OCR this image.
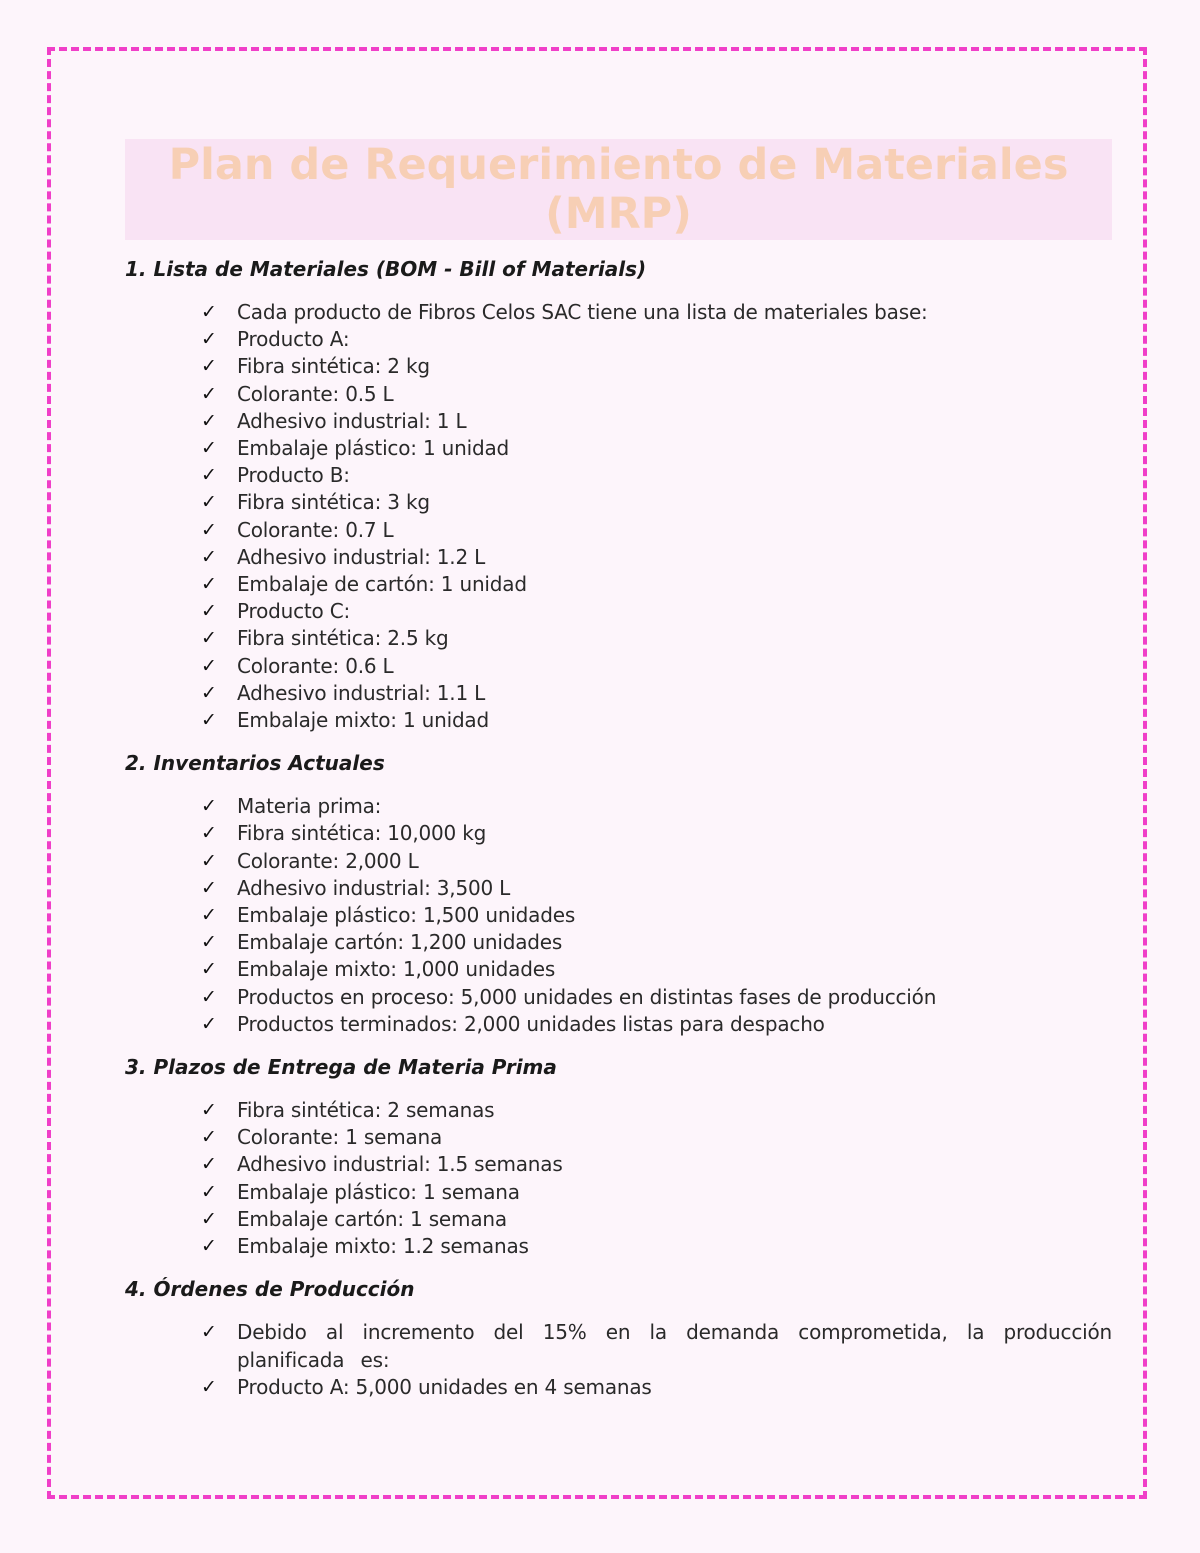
Plan de Requerimiento de Materiales (MRP)
1. Lista de Materiales (BOM - Bill of Materials)
✓	Cada producto de Fibros Celos SAC tiene una lista de materiales base:
✓	Producto A:
✓	Fibra sintética: 2 kg
✓	Colorante: 0.5 L
✓	Adhesivo industrial: 1 L
✓	Embalaje plástico: 1 unidad
✓	Producto B:
✓	Fibra sintética: 3 kg
✓	Colorante: 0.7 L
✓	Adhesivo industrial: 1.2 L
✓	Embalaje de cartón: 1 unidad
✓	Producto C:
✓	Fibra sintética: 2.5 kg
✓	Colorante: 0.6 L
✓	Adhesivo industrial: 1.1 L
✓	Embalaje mixto: 1 unidad
2. Inventarios Actuales
✓	Materia prima:
✓	Fibra sintética: 10,000 kg
✓	Colorante: 2,000 L
✓	Adhesivo industrial: 3,500 L
✓	Embalaje plástico: 1,500 unidades
✓	Embalaje cartón: 1,200 unidades
✓	Embalaje mixto: 1,000 unidades
✓	Productos en proceso: 5,000 unidades en distintas fases de producción
✓	Productos terminados: 2,000 unidades listas para despacho
3. Plazos de Entrega de Materia Prima
✓	Fibra sintética: 2 semanas
✓	Colorante: 1 semana
✓	Adhesivo industrial: 1.5 semanas
✓	Embalaje plástico: 1 semana
✓	Embalaje cartón: 1 semana
✓	Embalaje mixto: 1.2 semanas
4. Órdenes de Producción
✓	Debido al incremento del 15% en la demanda comprometida, la producción planificada es:
✓	Producto A: 5,000 unidades en 4 semanas
